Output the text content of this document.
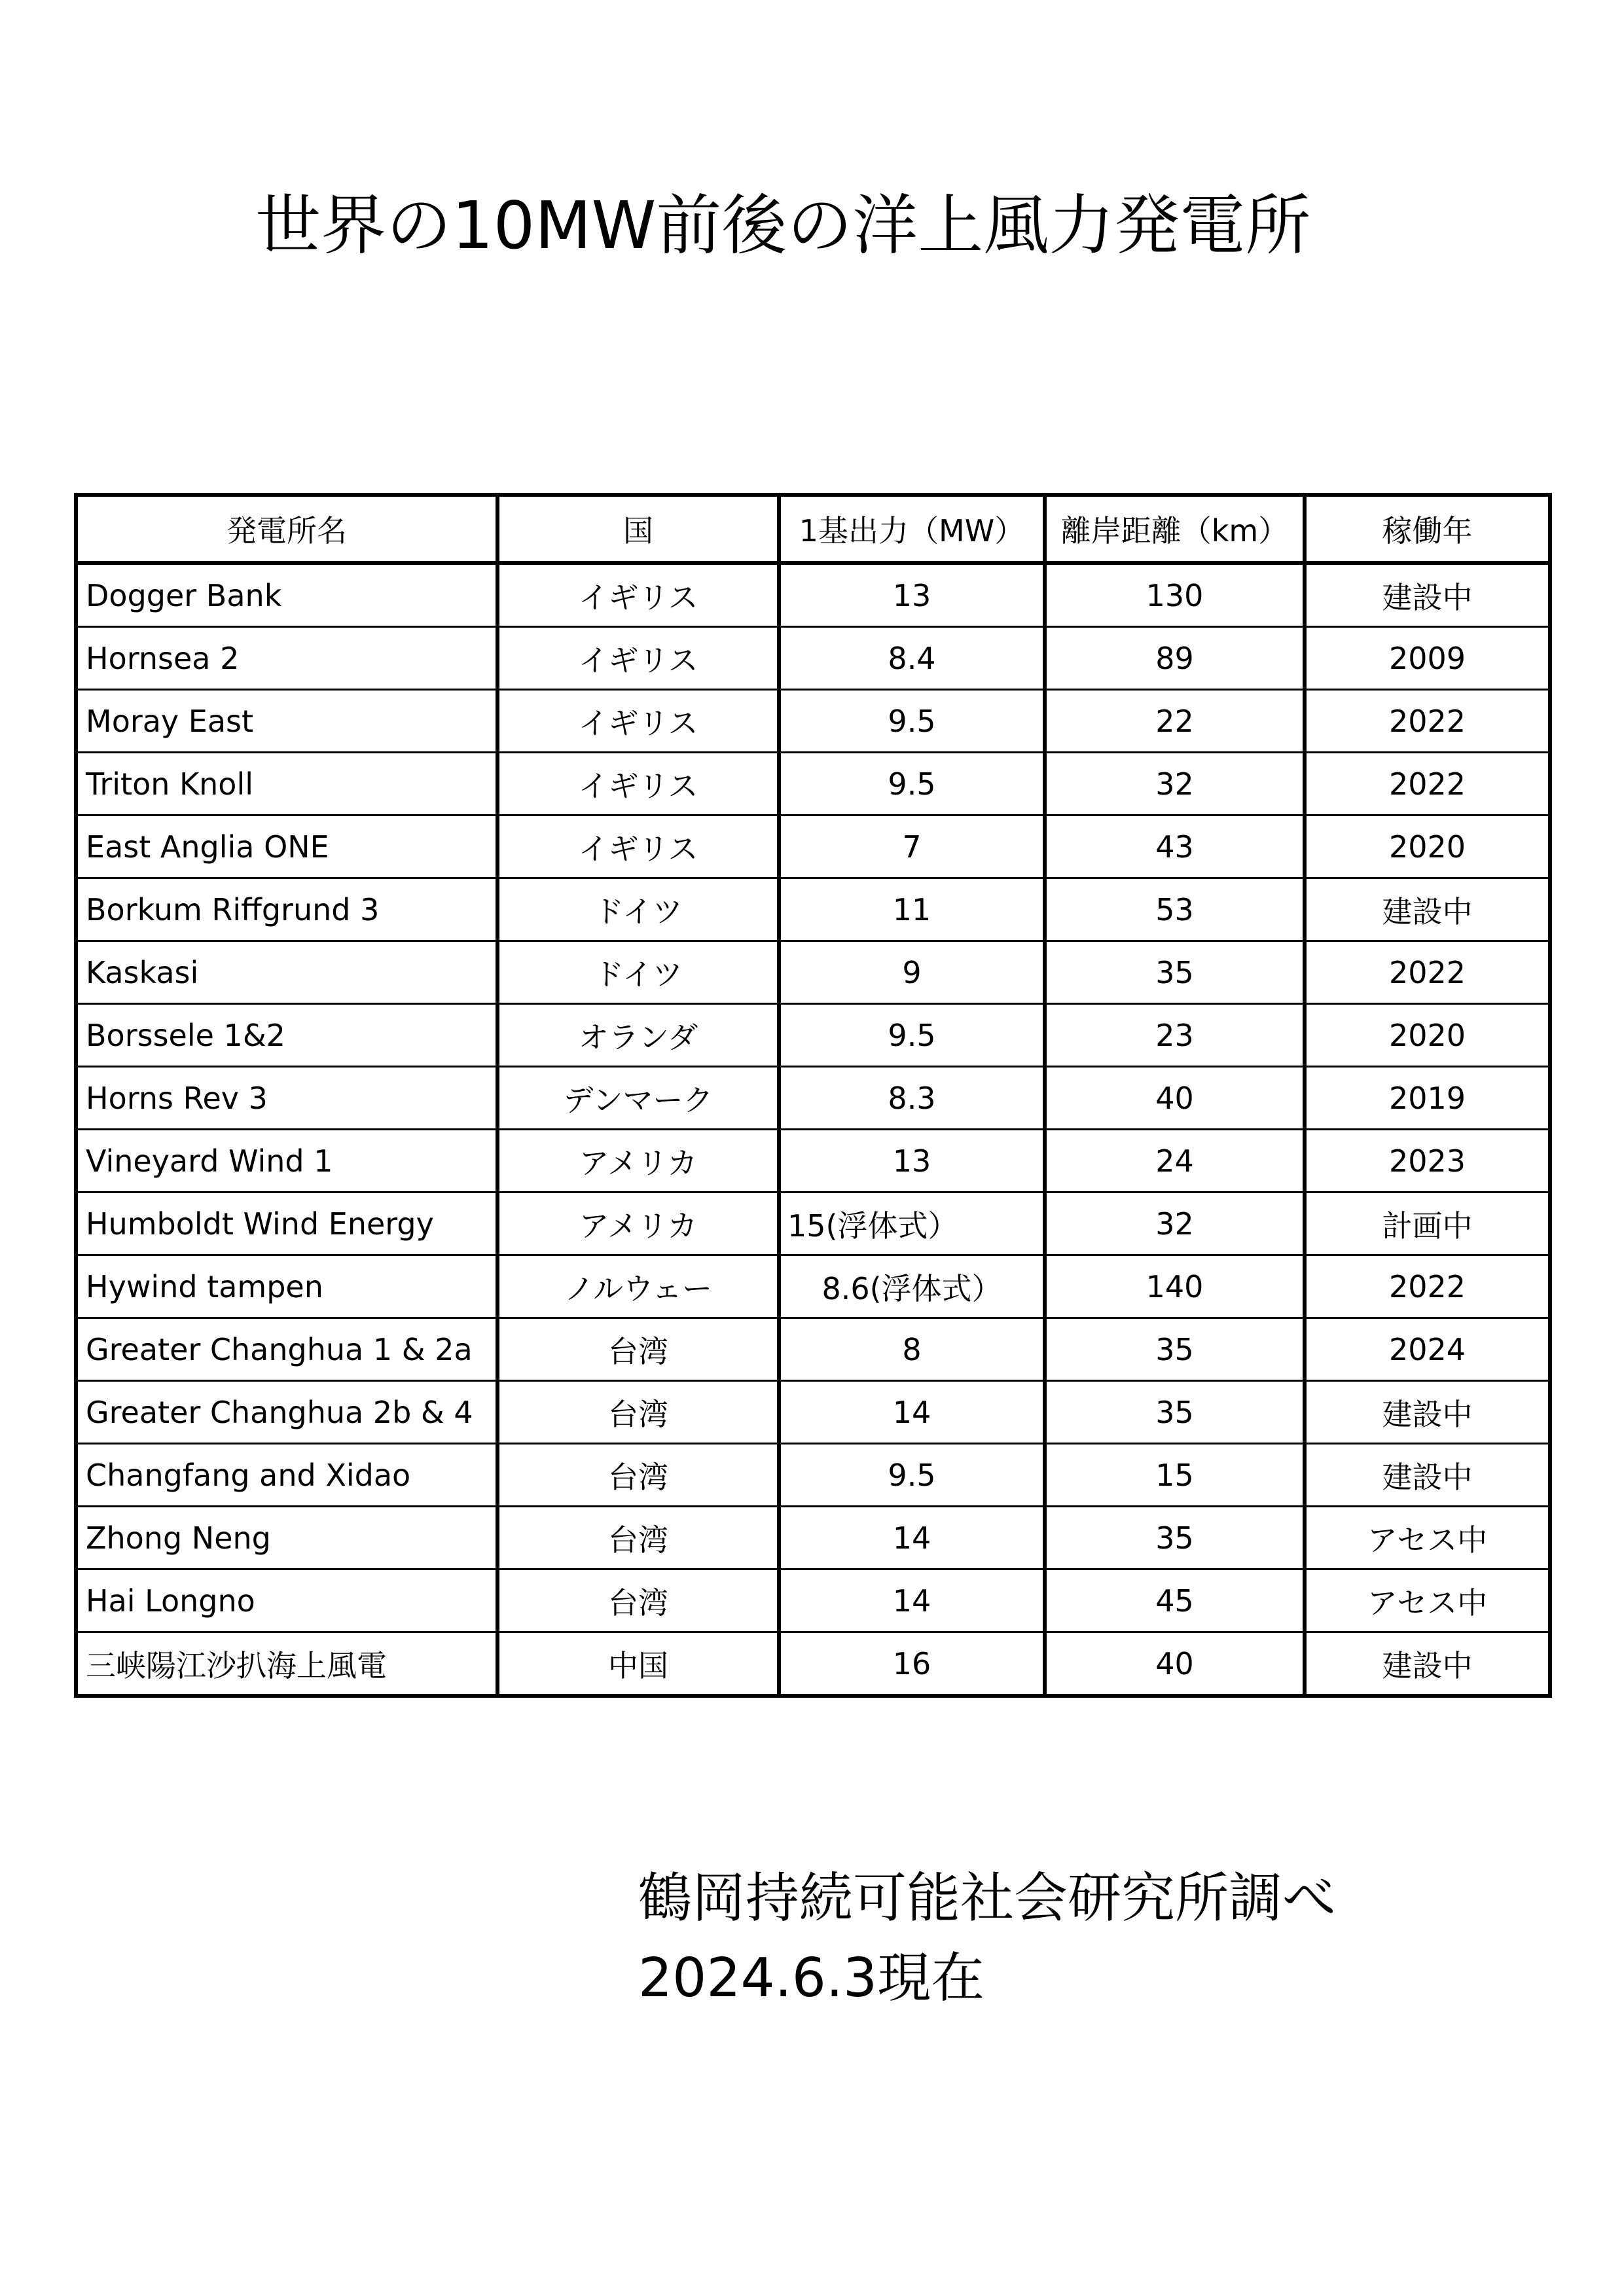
世界の10MW前後の洋上風力発電所
発電所名	国	1基出力（MW）	離岸距離（km）	稼働年
Dogger Bank	イギリス	13	130	建設中
Hornsea 2	イギリス	8.4	89	2009
Moray East	イギリス	9.5	22	2022
Triton Knoll	イギリス	9.5	32	2022
East Anglia ONE	イギリス	7	43	2020
Borkum Riffgrund 3	ドイツ	11	53	建設中
Kaskasi	ドイツ	9	35	2022
Borssele 1&2	オランダ	9.5	23	2020
Horns Rev 3	デンマーク	8.3	40	2019
Vineyard Wind 1	アメリカ	13	24	2023
Humboldt Wind Energy	アメリカ	15(浮体式）	32	計画中
Hywind tampen	ノルウェー	8.6(浮体式）	140	2022
Greater Changhua 1 & 2a	台湾	8	35	2024
Greater Changhua 2b & 4	台湾	14	35	建設中
Changfang and Xidao	台湾	9.5	15	建設中
Zhong Neng	台湾	14	35	アセス中
Hai Longno	台湾	14	45	アセス中
三峡陽江沙扒海上風電	中国	16	40	建設中
鶴岡持続可能社会研究所調べ
2024.6.3現在
